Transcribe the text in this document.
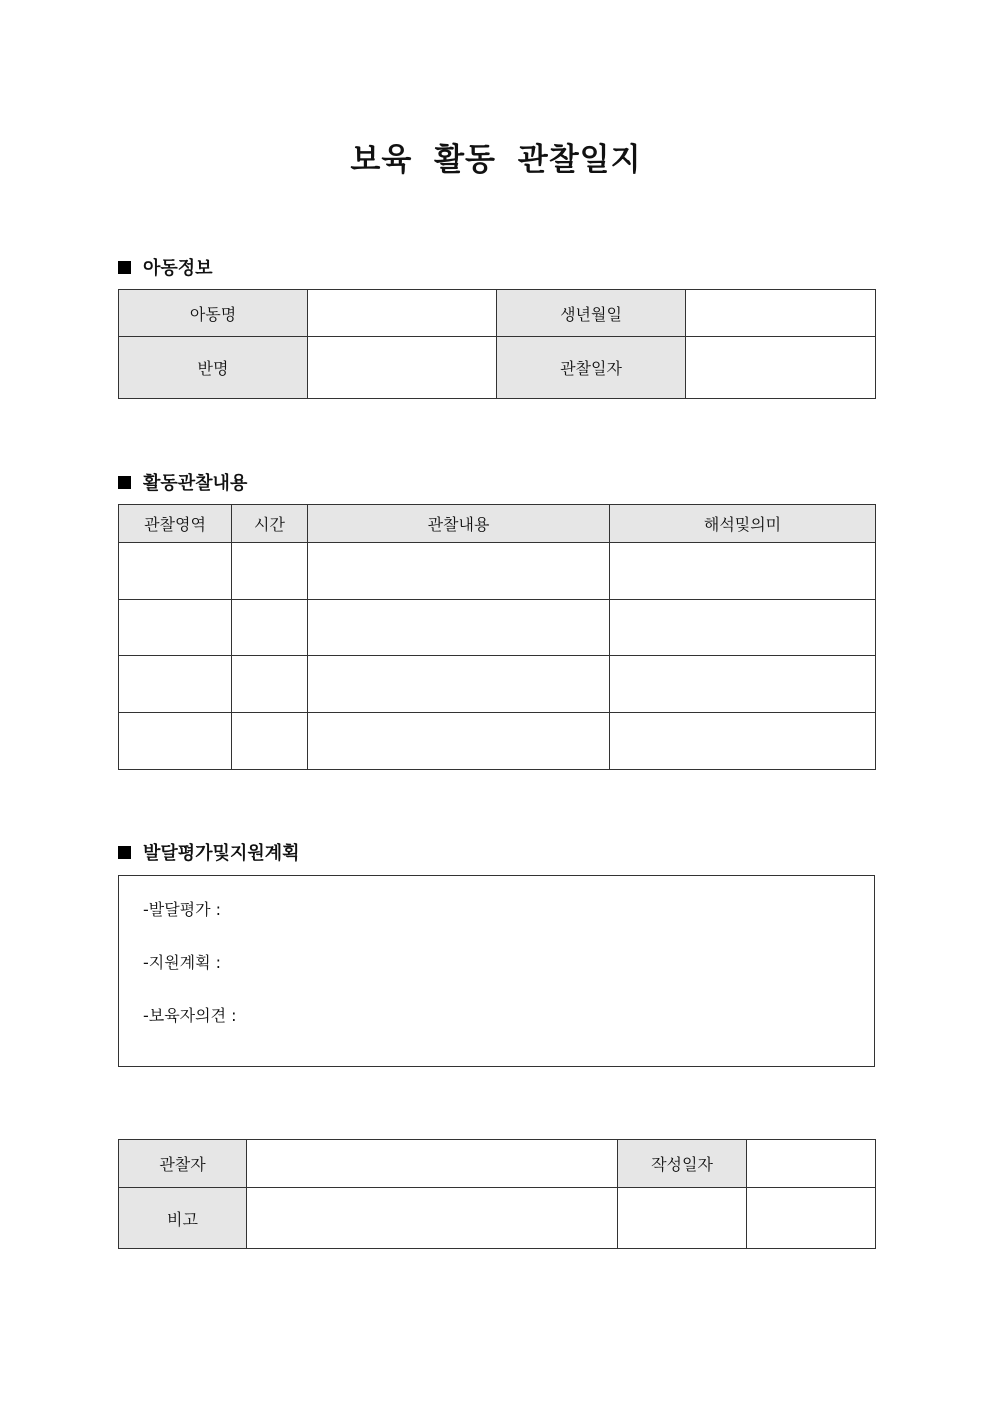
보육 활동 관찰일지
아동정보
아동명		생년월일	
반명		관찰일자	
활동관찰내용
관찰영역	시간	관찰내용	해석및의미

발달평가및지원계획
-발달평가 :
-지원계획 :
-보육자의견 :
관찰자		작성일자	
비고			
